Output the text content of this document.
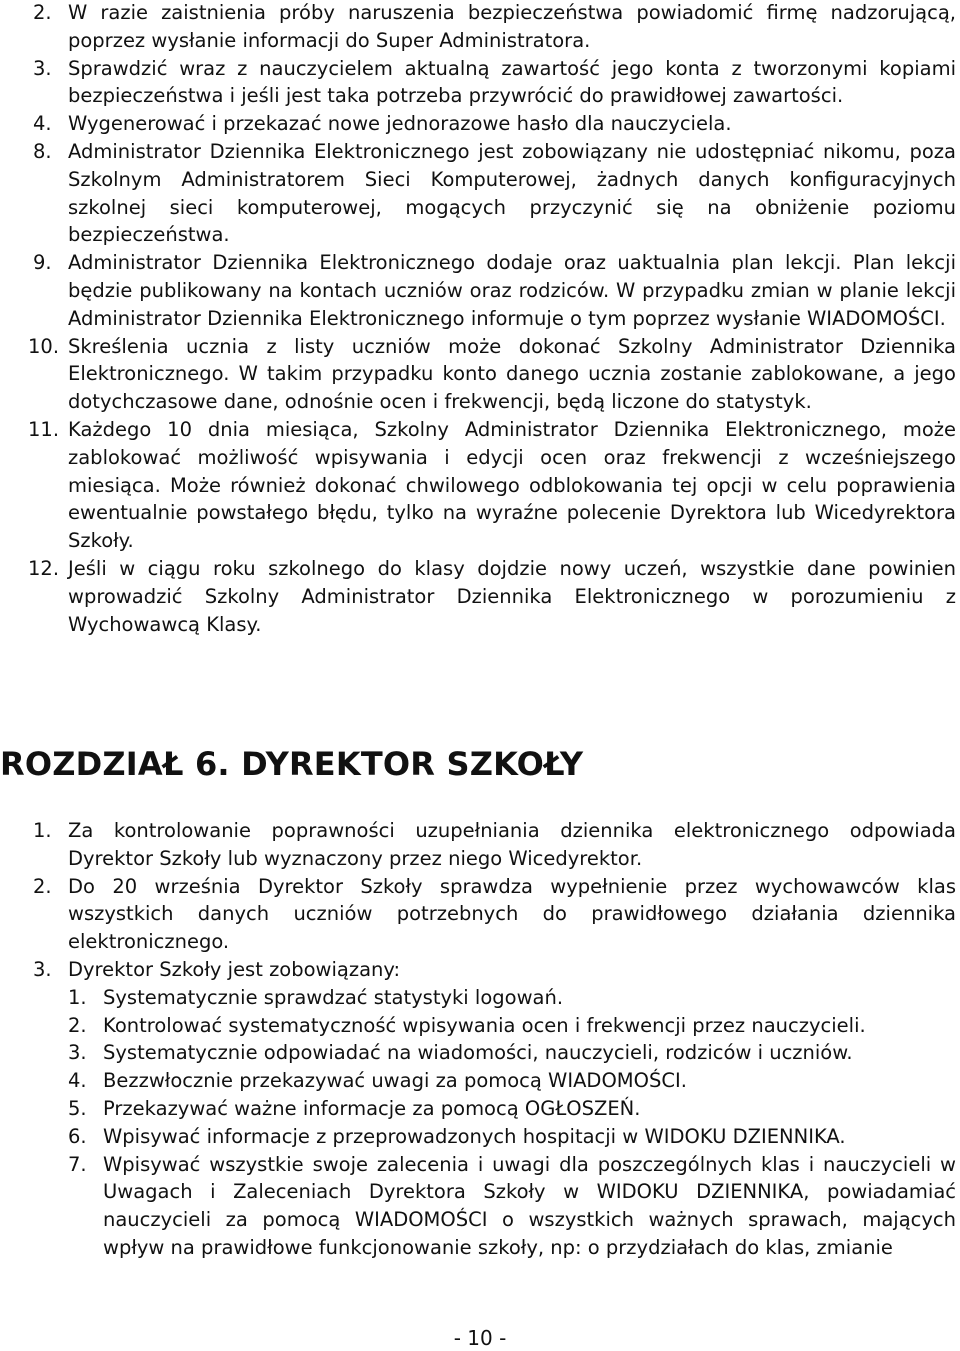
2. W razie zaistnienia próby naruszenia bezpieczeństwa powiadomić firmę nadzorującą, poprzez wysłanie informacji do Super Administratora.
3. Sprawdzić wraz z nauczycielem aktualną zawartość jego konta z tworzonymi kopiami bezpieczeństwa i jeśli jest taka potrzeba przywrócić do prawidłowej zawartości.
4. Wygenerować i przekazać nowe jednorazowe hasło dla nauczyciela.
8. Administrator Dziennika Elektronicznego jest zobowiązany nie udostępniać nikomu, poza Szkolnym Administratorem Sieci Komputerowej, żadnych danych konfiguracyjnych szkolnej sieci komputerowej, mogących przyczynić się na obniżenie poziomu bezpieczeństwa.
9. Administrator Dziennika Elektronicznego dodaje oraz uaktualnia plan lekcji. Plan lekcji będzie publikowany na kontach uczniów oraz rodziców. W przypadku zmian w planie lekcji Administrator Dziennika Elektronicznego informuje o tym poprzez wysłanie WIADOMOŚCI.
10. Skreślenia ucznia z listy uczniów może dokonać Szkolny Administrator Dziennika Elektronicznego. W takim przypadku konto danego ucznia zostanie zablokowane, a jego dotychczasowe dane, odnośnie ocen i frekwencji, będą liczone do statystyk.
11. Każdego 10 dnia miesiąca, Szkolny Administrator Dziennika Elektronicznego, może zablokować możliwość wpisywania i edycji ocen oraz frekwencji z wcześniejszego miesiąca. Może również dokonać chwilowego odblokowania tej opcji w celu poprawienia ewentualnie powstałego błędu, tylko na wyraźne polecenie Dyrektora lub Wicedyrektora Szkoły.
12. Jeśli w ciągu roku szkolnego do klasy dojdzie nowy uczeń, wszystkie dane powinien wprowadzić Szkolny Administrator Dziennika Elektronicznego w porozumieniu z Wychowawcą Klasy.
ROZDZIAŁ 6. DYREKTOR SZKOŁY
1. Za kontrolowanie poprawności uzupełniania dziennika elektronicznego odpowiada Dyrektor Szkoły lub wyznaczony przez niego Wicedyrektor.
2. Do 20 września Dyrektor Szkoły sprawdza wypełnienie przez wychowawców klas wszystkich danych uczniów potrzebnych do prawidłowego działania dziennika elektronicznego.
3. Dyrektor Szkoły jest zobowiązany:
1. Systematycznie sprawdzać statystyki logowań.
2. Kontrolować systematyczność wpisywania ocen i frekwencji przez nauczycieli.
3. Systematycznie odpowiadać na wiadomości, nauczycieli, rodziców i uczniów.
4. Bezzwłocznie przekazywać uwagi za pomocą WIADOMOŚCI.
5. Przekazywać ważne informacje za pomocą OGŁOSZEŃ.
6. Wpisywać informacje z przeprowadzonych hospitacji w WIDOKU DZIENNIKA.
7. Wpisywać wszystkie swoje zalecenia i uwagi dla poszczególnych klas i nauczycieli w Uwagach i Zaleceniach Dyrektora Szkoły w WIDOKU DZIENNIKA, powiadamiać nauczycieli za pomocą WIADOMOŚCI o wszystkich ważnych sprawach, mających wpływ na prawidłowe funkcjonowanie szkoły, np: o przydziałach do klas, zmianie
- 10 -
